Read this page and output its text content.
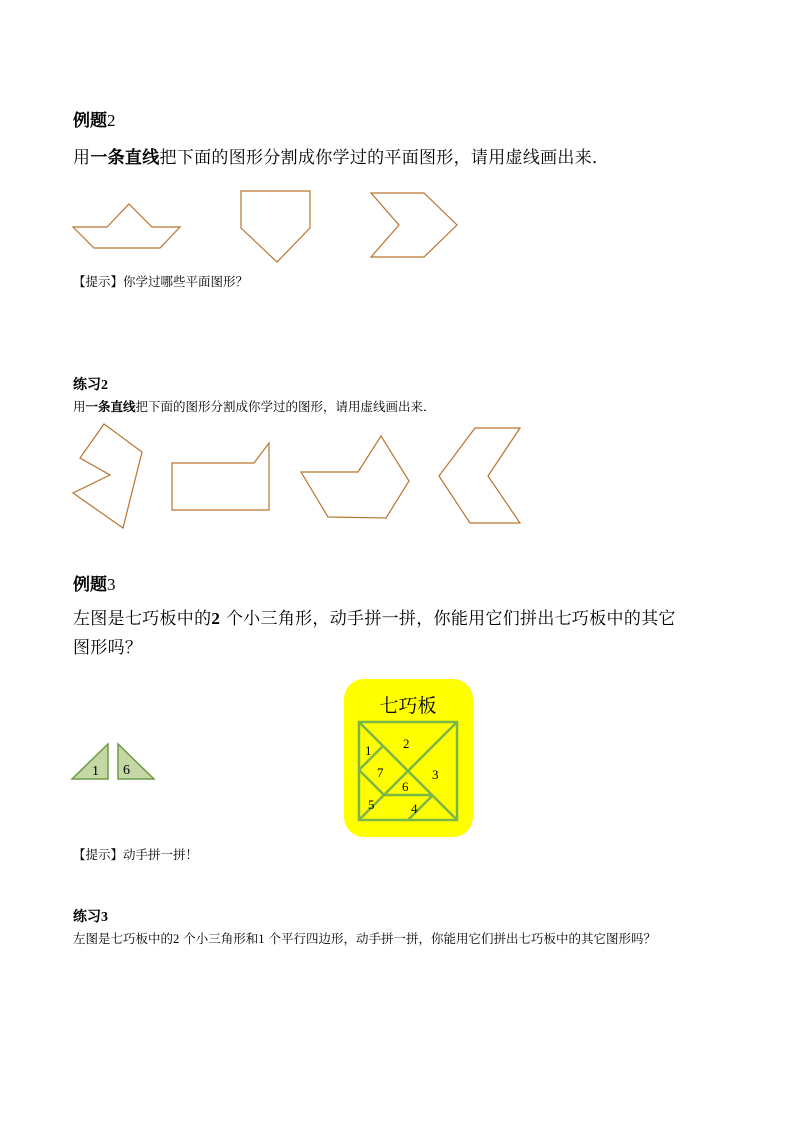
例题2
用一条直线把下面的图形分割成你学过的平面图形，请用虚线画出来．
【提示】你学过哪些平面图形？
练习2
用一条直线把下面的图形分割成你学过的图形，请用虚线画出来．
例题3
左图是七巧板中的2 个小三角形，动手拼一拼，你能用它们拼出七巧板中的其它
图形吗？
1 6
七巧板
1 2
7	3
6
5	4
【提示】动手拼一拼！
练习3
左图是七巧板中的2 个小三角形和1 个平行四边形，动手拼一拼，你能用它们拼出七巧板中的其它图形吗？
